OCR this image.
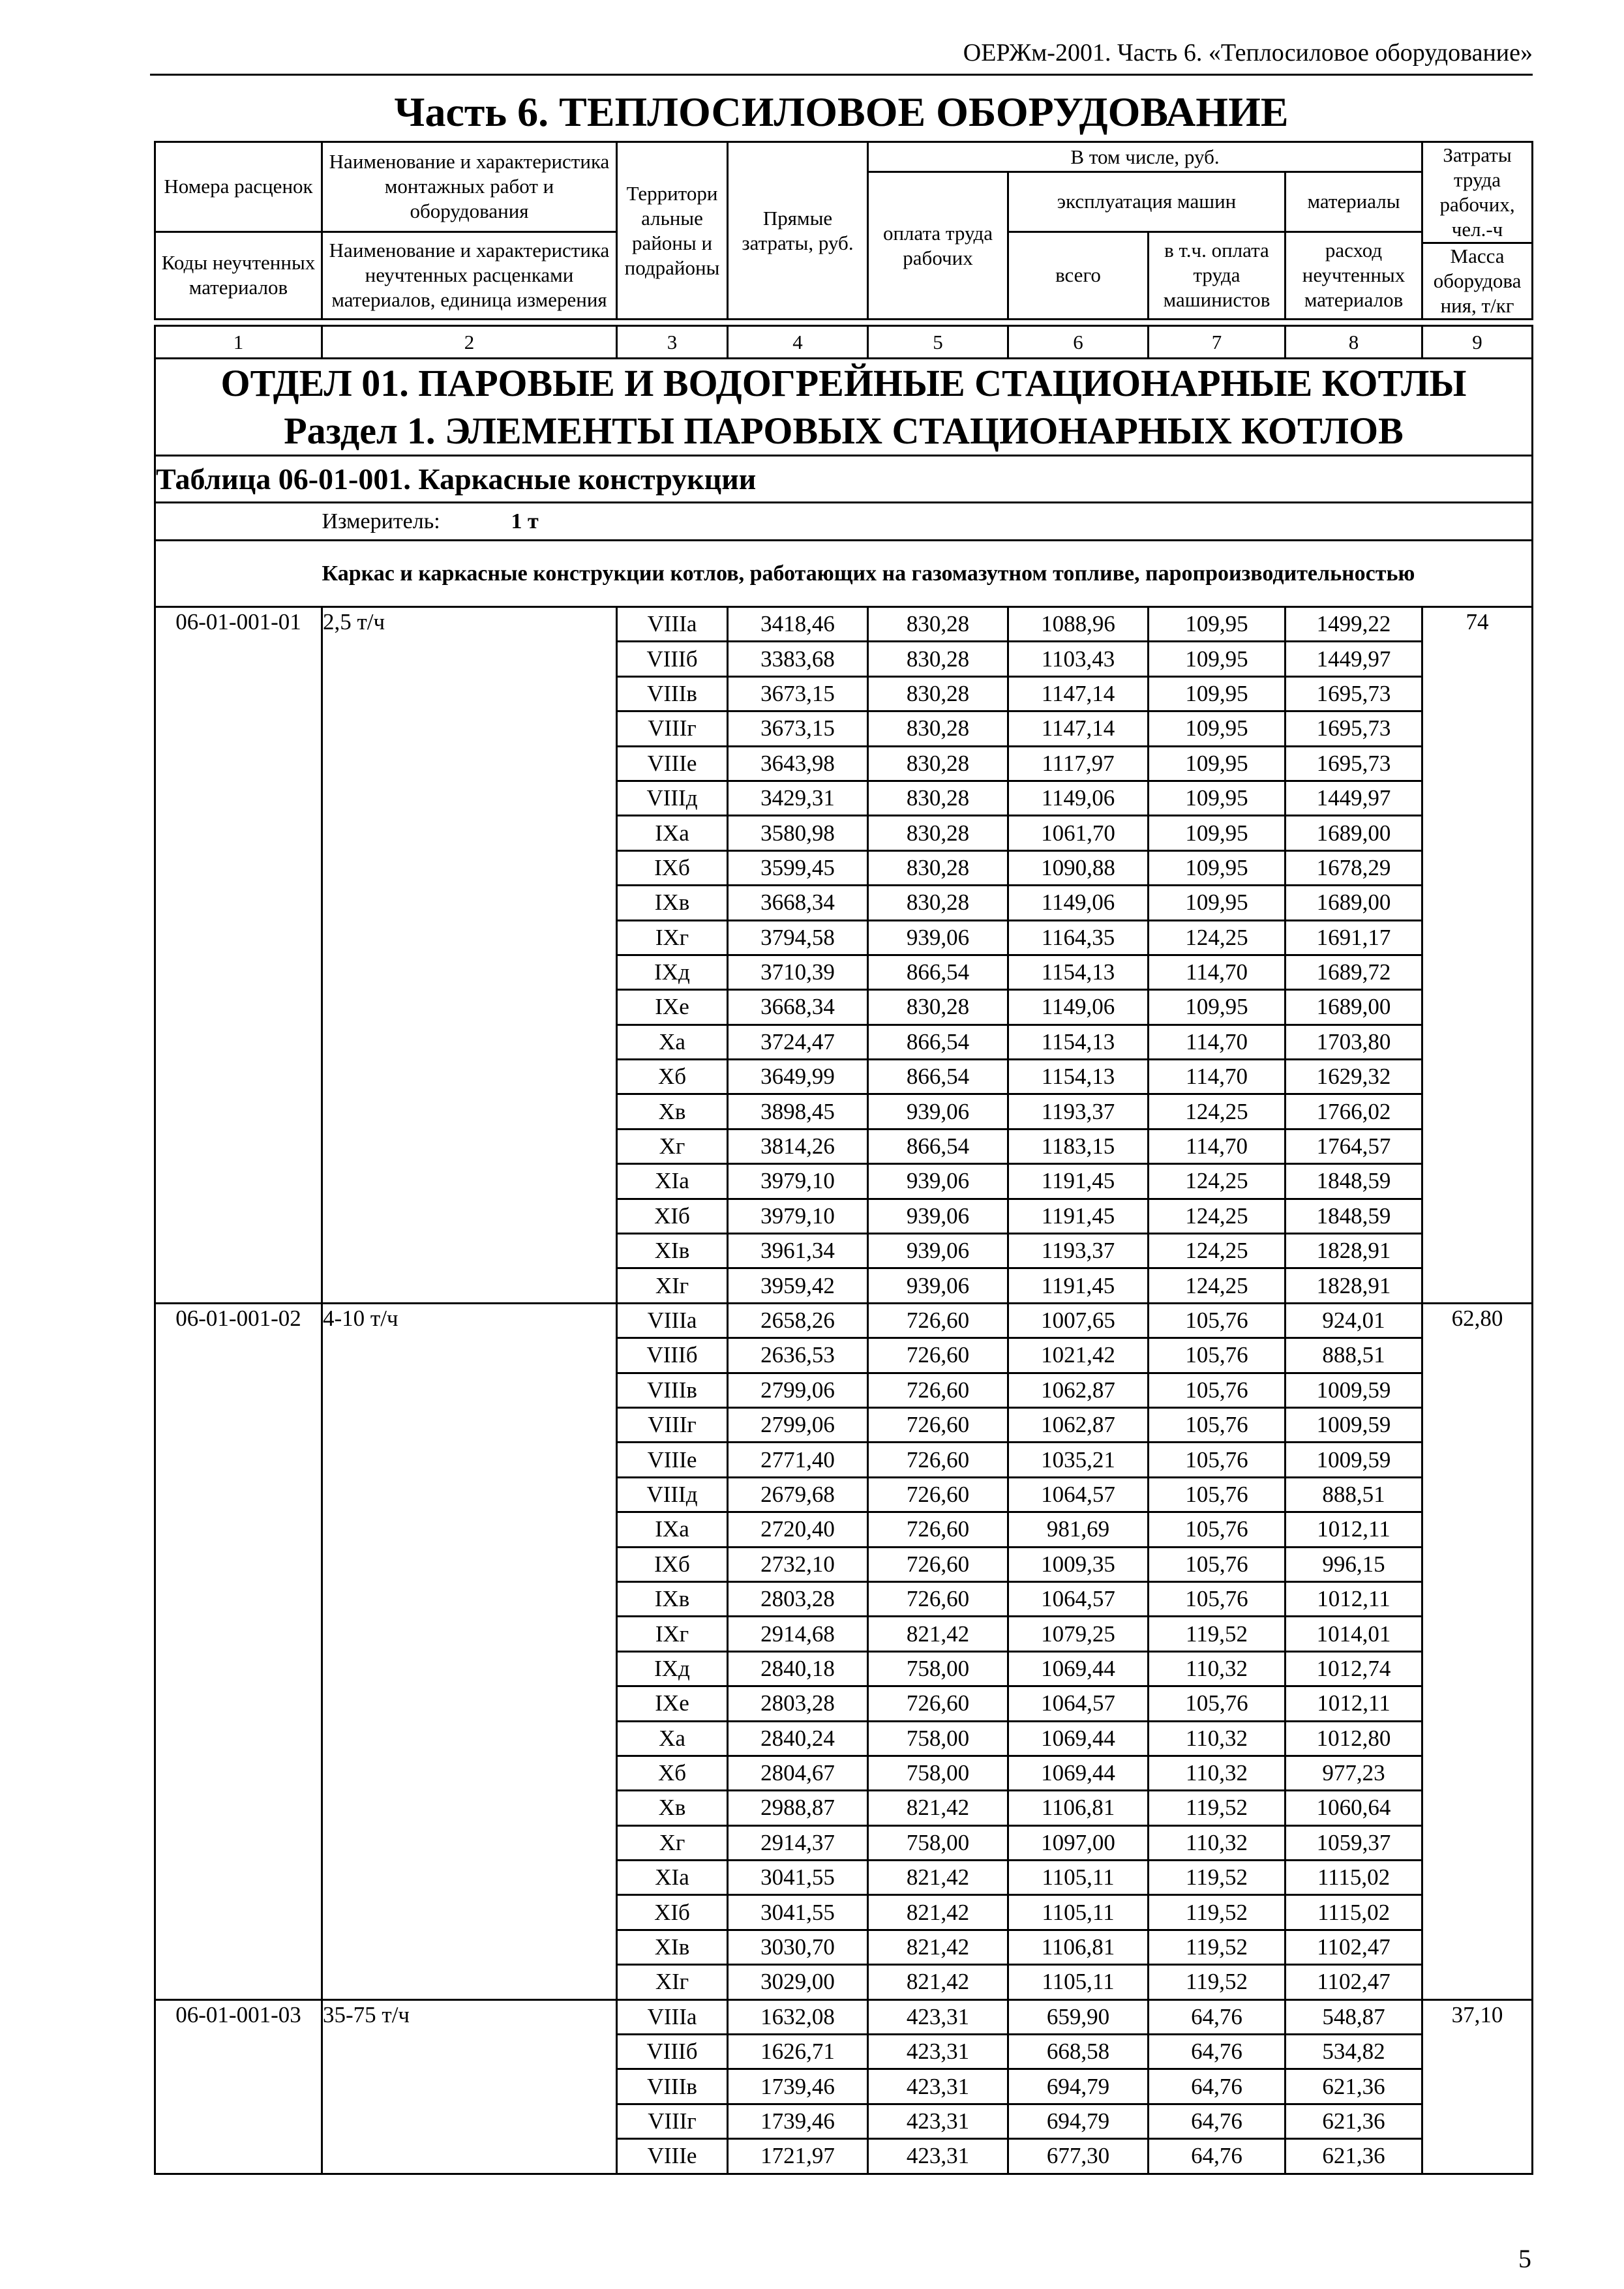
ОЕРЖм-2001. Часть 6. «Теплосиловое оборудование»
Часть 6. ТЕПЛОСИЛОВОЕ ОБОРУДОВАНИЕ
Номера расценок	Наименование и характеристика монтажных работ и оборудования	Территори альные районы и подрайоны	Прямые затраты, руб.	В том числе, руб.				Затраты труда рабочих, чел.-ч
				оплата труда рабочих	эксплуатация машин		материалы	
Коды неучтенных материалов	Наименование и характеристика неучтенных расценками материалов, единица измерения				всего	в т.ч. оплата труда машинистов	расход неучтенных материалов	
								Масса оборудова ния, т/кг

1	2	3	4	5	6	7	8	9

ОТДЕЛ 01. ПАРОВЫЕ И ВОДОГРЕЙНЫЕ СТАЦИОНАРНЫЕ КОТЛЫ
Раздел 1. ЭЛЕМЕНТЫ ПАРОВЫХ СТАЦИОНАРНЫХ КОТЛОВ								

Таблица 06-01-001. Каркасные конструкции								
	Измеритель: 1 т							
	Каркас и каркасные конструкции котлов, работающих на газомазутном топливе, паропроизводительностью							
06-01-001-01	2,5 т/ч	VIIIа	3418,46	830,28	1088,96	109,95	1499,22	74
		VIIIб	3383,68	830,28	1103,43	109,95	1449,97	
		VIIIв	3673,15	830,28	1147,14	109,95	1695,73	
		VIIIг	3673,15	830,28	1147,14	109,95	1695,73	
		VIIIе	3643,98	830,28	1117,97	109,95	1695,73	
		VIIIд	3429,31	830,28	1149,06	109,95	1449,97	
		IXа	3580,98	830,28	1061,70	109,95	1689,00	
		IXб	3599,45	830,28	1090,88	109,95	1678,29	
		IXв	3668,34	830,28	1149,06	109,95	1689,00	
		IXг	3794,58	939,06	1164,35	124,25	1691,17	
		IXд	3710,39	866,54	1154,13	114,70	1689,72	
		IXе	3668,34	830,28	1149,06	109,95	1689,00	
		Xа	3724,47	866,54	1154,13	114,70	1703,80	
		Xб	3649,99	866,54	1154,13	114,70	1629,32	
		Xв	3898,45	939,06	1193,37	124,25	1766,02	
		Xг	3814,26	866,54	1183,15	114,70	1764,57	
		XIа	3979,10	939,06	1191,45	124,25	1848,59	
		XIб	3979,10	939,06	1191,45	124,25	1848,59	
		XIв	3961,34	939,06	1193,37	124,25	1828,91	
		XIг	3959,42	939,06	1191,45	124,25	1828,91	
06-01-001-02	4-10 т/ч	VIIIа	2658,26	726,60	1007,65	105,76	924,01	62,80
		VIIIб	2636,53	726,60	1021,42	105,76	888,51	
		VIIIв	2799,06	726,60	1062,87	105,76	1009,59	
		VIIIг	2799,06	726,60	1062,87	105,76	1009,59	
		VIIIе	2771,40	726,60	1035,21	105,76	1009,59	
		VIIIд	2679,68	726,60	1064,57	105,76	888,51	
		IXа	2720,40	726,60	981,69	105,76	1012,11	
		IXб	2732,10	726,60	1009,35	105,76	996,15	
		IXв	2803,28	726,60	1064,57	105,76	1012,11	
		IXг	2914,68	821,42	1079,25	119,52	1014,01	
		IXд	2840,18	758,00	1069,44	110,32	1012,74	
		IXе	2803,28	726,60	1064,57	105,76	1012,11	
		Xа	2840,24	758,00	1069,44	110,32	1012,80	
		Xб	2804,67	758,00	1069,44	110,32	977,23	
		Xв	2988,87	821,42	1106,81	119,52	1060,64	
		Xг	2914,37	758,00	1097,00	110,32	1059,37	
		XIа	3041,55	821,42	1105,11	119,52	1115,02	
		XIб	3041,55	821,42	1105,11	119,52	1115,02	
		XIв	3030,70	821,42	1106,81	119,52	1102,47	
		XIг	3029,00	821,42	1105,11	119,52	1102,47	
06-01-001-03	35-75 т/ч	VIIIа	1632,08	423,31	659,90	64,76	548,87	37,10
		VIIIб	1626,71	423,31	668,58	64,76	534,82	
		VIIIв	1739,46	423,31	694,79	64,76	621,36	
		VIIIг	1739,46	423,31	694,79	64,76	621,36	
		VIIIе	1721,97	423,31	677,30	64,76	621,36	
5
